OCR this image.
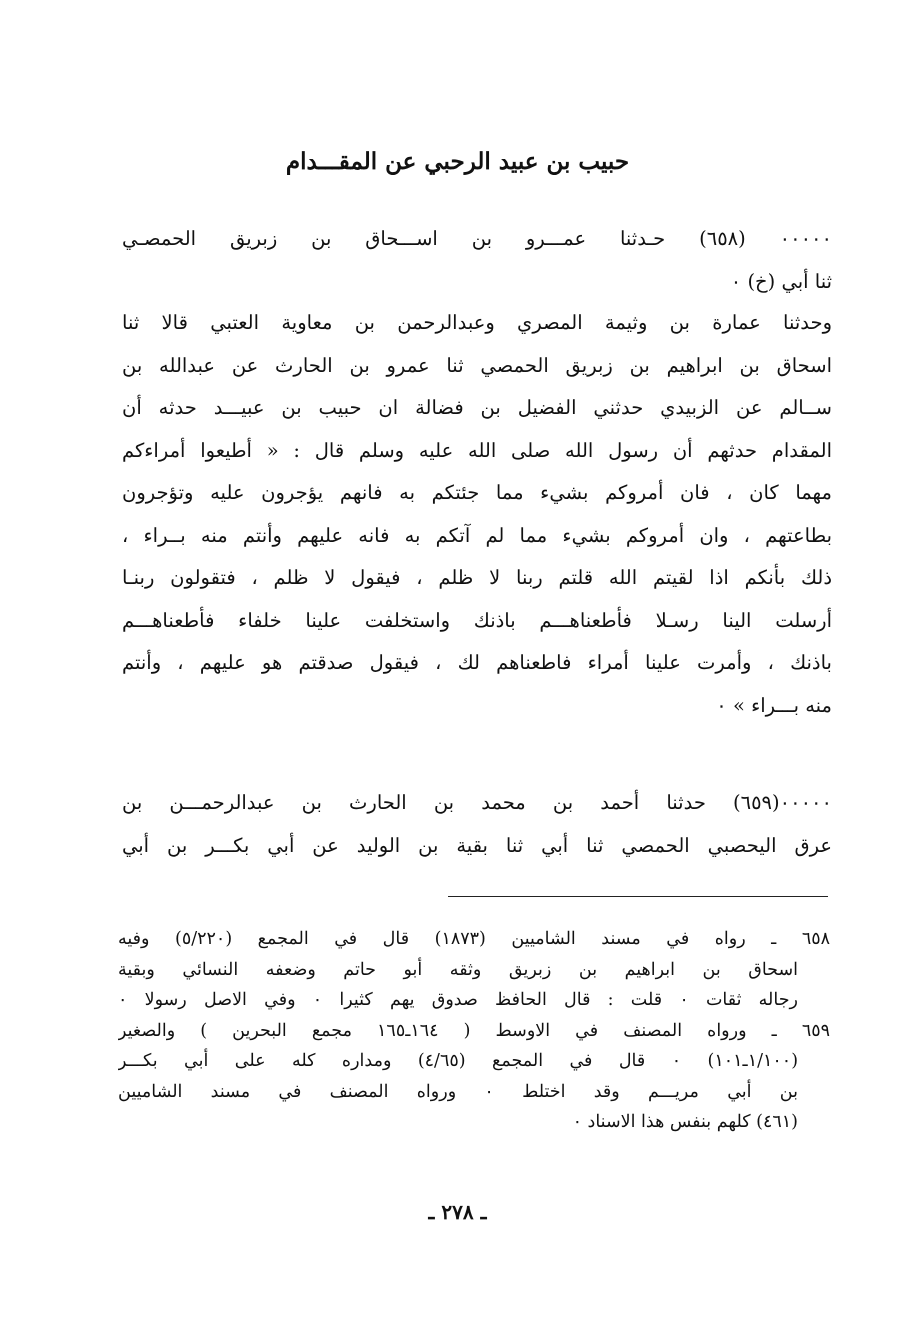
حبيب بن عبيد الرحبي عن المقـــدام
٠٠٠٠٠ (٦٥٨) حـدثنا عمـــرو بن اســـحاق بن زبريق الحمصـي
ثنا أبي (خ) ٠
وحدثنا عمارة بن وثيمة المصري وعبدالرحمن بن معاوية العتبي قالا ثنا
اسحاق بن ابراهيم بن زبريق الحمصي ثنا عمرو بن الحارث عن عبدالله بن
ســالم عن الزبيدي حدثني الفضيل بن فضالة ان حبيب بن عبيـــد حدثه أن
المقدام حدثهم أن رسول الله صلى الله عليه وسلم قال : « أطيعوا أمراءكم
مهما كان ، فان أمروكم بشيء مما جئتكم به فانهم يؤجرون عليه وتؤجرون
بطاعتهم ، وان أمروكم بشيء مما لم آتكم به فانه عليهم وأنتم منه بــراء ،
ذلك بأنكم اذا لقيتم الله قلتم ربنا لا ظلم ، فيقول لا ظلم ، فتقولون ربنـا
أرسلت الينا رسـلا فأطعناهـــم باذنك واستخلفت علينا خلفاء فأطعناهـــم
باذنك ، وأمرت علينا أمراء فاطعناهم لك ، فيقول صدقتم هو عليهم ، وأنتم
منه بـــراء » ٠
٠٠٠٠٠(٦٥٩) حدثنا أحمد بن محمد بن الحارث بن عبدالرحمـــن بن
عرق اليحصبي الحمصي ثنا أبي ثنا بقية بن الوليد عن أبي بكـــر بن أبي
٦٥٨ ـ رواه في مسند الشاميين (١٨٧٣) قال في المجمع (٥/٢٢٠) وفيه
اسحاق بن ابراهيم بن زبريق وثقه أبو حاتم وضعفه النسائي وبقية
رجاله ثقات ٠ قلت : قال الحافظ صدوق يهم كثيرا ٠ وفي الاصل رسولا ٠
٦٥٩ ـ ورواه المصنف في الاوسط ( ١٦٤ـ١٦٥ مجمع البحرين ) والصغير
(١/١٠٠ـ١٠١) ٠ قال في المجمع (٤/٦٥) ومداره كله على أبي بكـــر
بن أبي مريـــم وقد اختلط ٠ ورواه المصنف في مسند الشاميين
(٤٦١) كلهم بنفس هذا الاسناد ٠
ـ ٢٧٨ ـ
